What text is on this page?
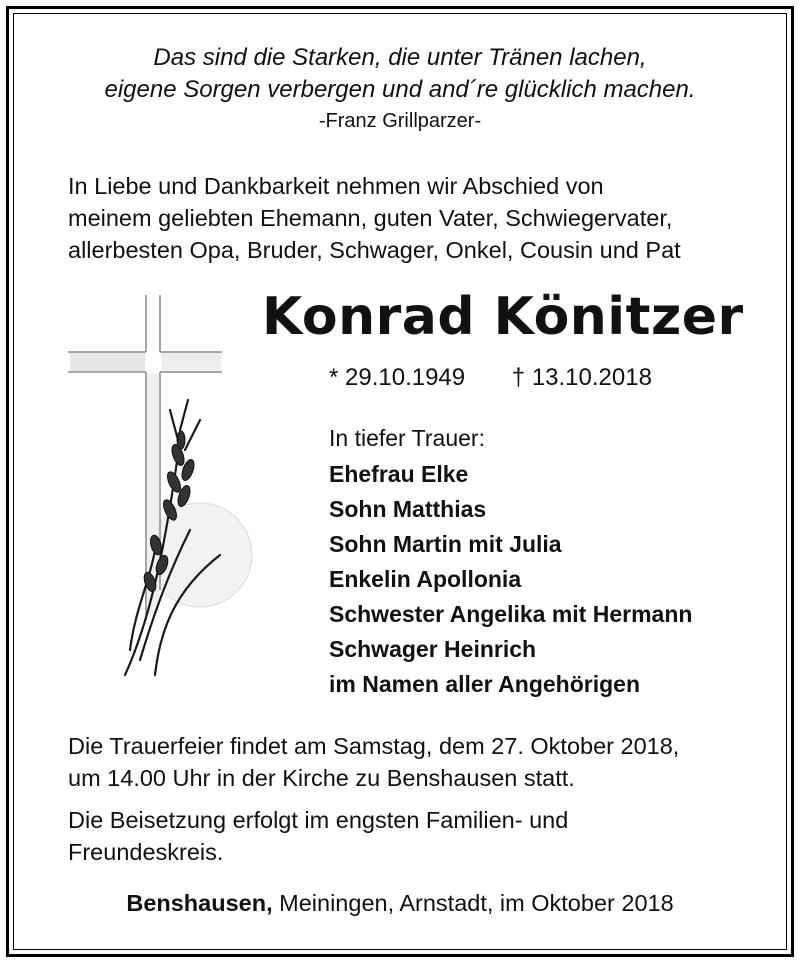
Das sind die Starken, die unter Tränen lachen,
eigene Sorgen verbergen und and´re glücklich machen.
-Franz Grillparzer-
In Liebe und Dankbarkeit nehmen wir Abschied von
meinem geliebten Ehemann, guten Vater, Schwiegervater,
allerbesten Opa, Bruder, Schwager, Onkel, Cousin und Pat
Konrad Könitzer
* 29.10.1949 † 13.10.2018
In tiefer Trauer:
Ehefrau Elke
Sohn Matthias
Sohn Martin mit Julia
Enkelin Apollonia
Schwester Angelika mit Hermann
Schwager Heinrich
im Namen aller Angehörigen
Die Trauerfeier findet am Samstag, dem 27. Oktober 2018,
um 14.00 Uhr in der Kirche zu Benshausen statt.
Die Beisetzung erfolgt im engsten Familien- und
Freundeskreis.
Benshausen, Meiningen, Arnstadt, im Oktober 2018
